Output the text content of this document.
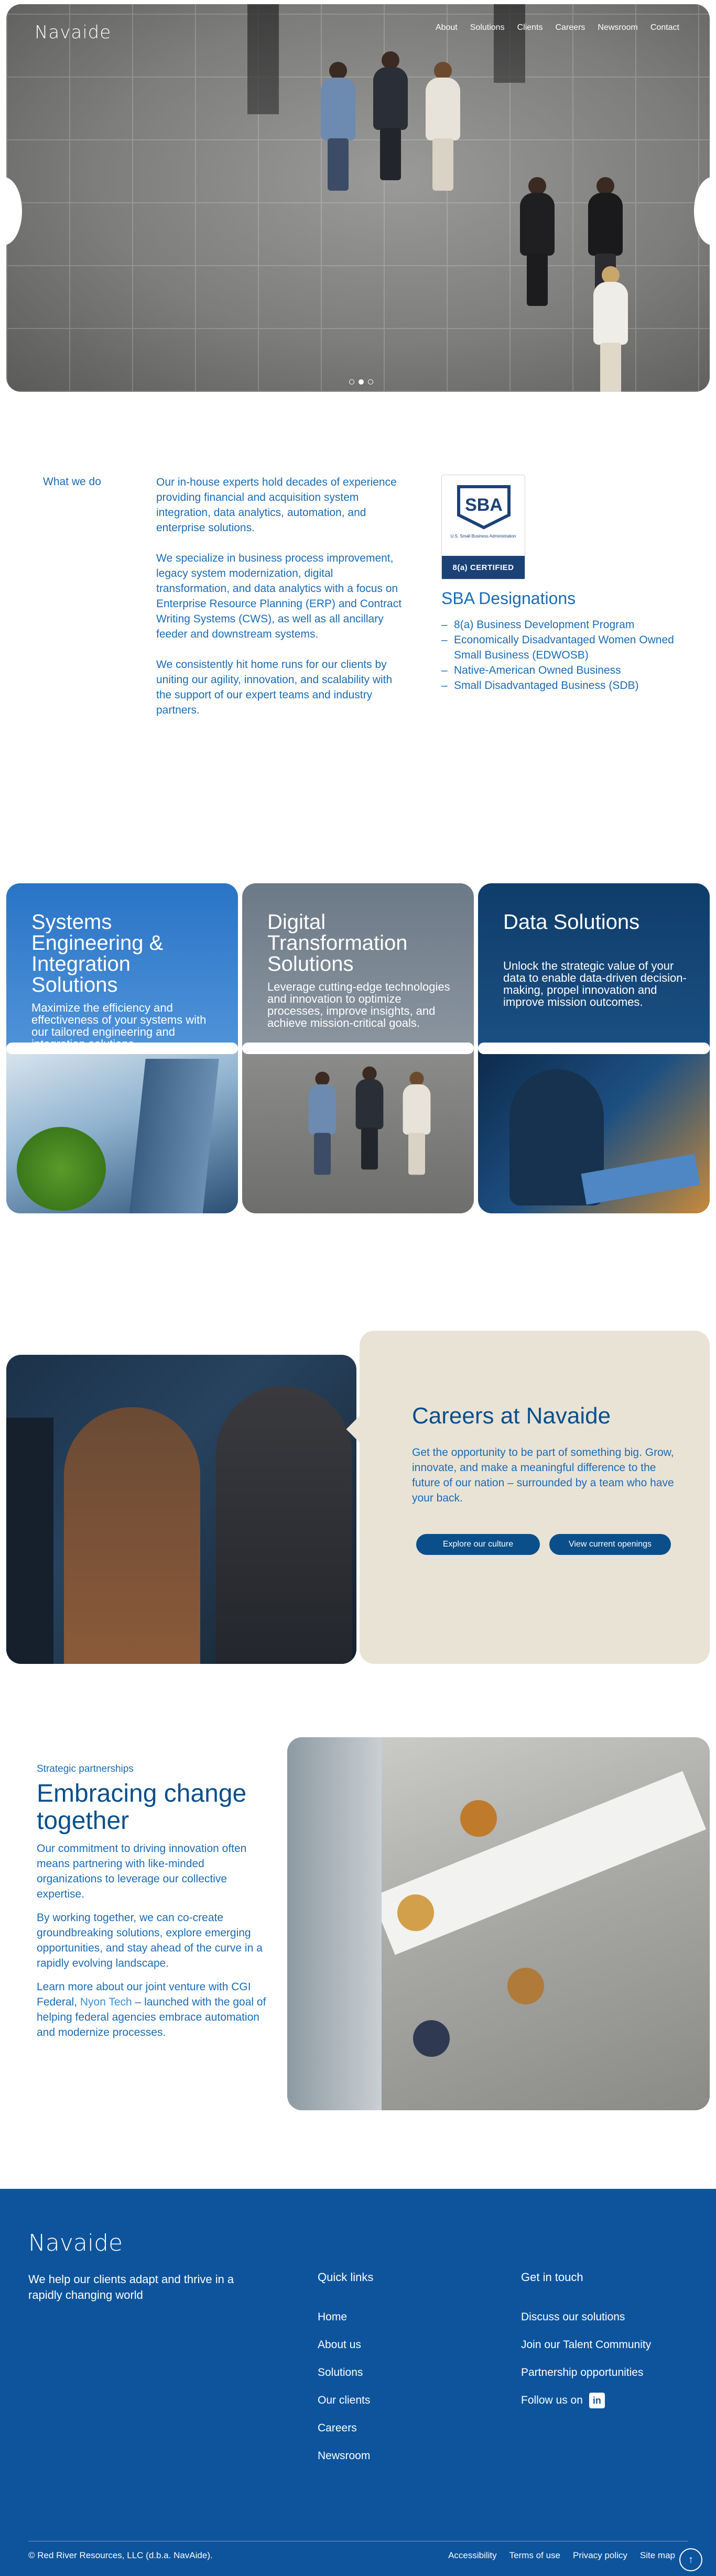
Navaide	About Solutions Clients Careers Newsroom Contact
What we do	Our in-house experts hold decades of experience providing financial and acquisition system integration, data analytics, automation, and enterprise solutions.

We specialize in business process improvement, legacy system modernization, digital transformation, and data analytics with a focus on Enterprise Resource Planning (ERP) and Contract Writing Systems (CWS), as well as all ancillary feeder and downstream systems.

We consistently hit home runs for our clients by uniting our agility, innovation, and scalability with the support of our expert teams and industry partners.

SBA
U.S. Small Business Administration
8(a) CERTIFIED
SBA Designations
– 8(a) Business Development Program
– Economically Disadvantaged Women Owned Small Business (EDWOSB)
– Native-American Owned Business
– Small Disadvantaged Business (SDB)
Systems Engineering & Integration Solutions

Maximize the efficiency and effectiveness of your systems with our tailored engineering and integration solutions.

Digital Transformation Solutions

Leverage cutting-edge technologies and innovation to optimize processes, improve insights, and achieve mission-critical goals.

Data Solutions

Unlock the strategic value of your data to enable data-driven decision-making, propel innovation and improve mission outcomes.

Careers at Navaide

Get the opportunity to be part of something big. Grow, innovate, and make a meaningful difference to the future of our nation – surrounded by a team who have your back.

Explore our culture	View current openings
Strategic partnerships
Embracing change together

Our commitment to driving innovation often means partnering with like-minded organizations to leverage our collective expertise.

By working together, we can co-create groundbreaking solutions, explore emerging opportunities, and stay ahead of the curve in a rapidly evolving landscape.

Learn more about our joint venture with CGI Federal, Nyon Tech – launched with the goal of helping federal agencies embrace automation and modernize processes.

Navaide
We help our clients adapt and thrive in a rapidly changing world
Quick links
Home
About us
Solutions
Our clients
Careers
Newsroom
Get in touch
Discuss our solutions
Join our Talent Community
Partnership opportunities
Follow us on in
© Red River Resources, LLC (d.b.a. NavAide).	Accessibility Terms of use Privacy policy Site map	↑
